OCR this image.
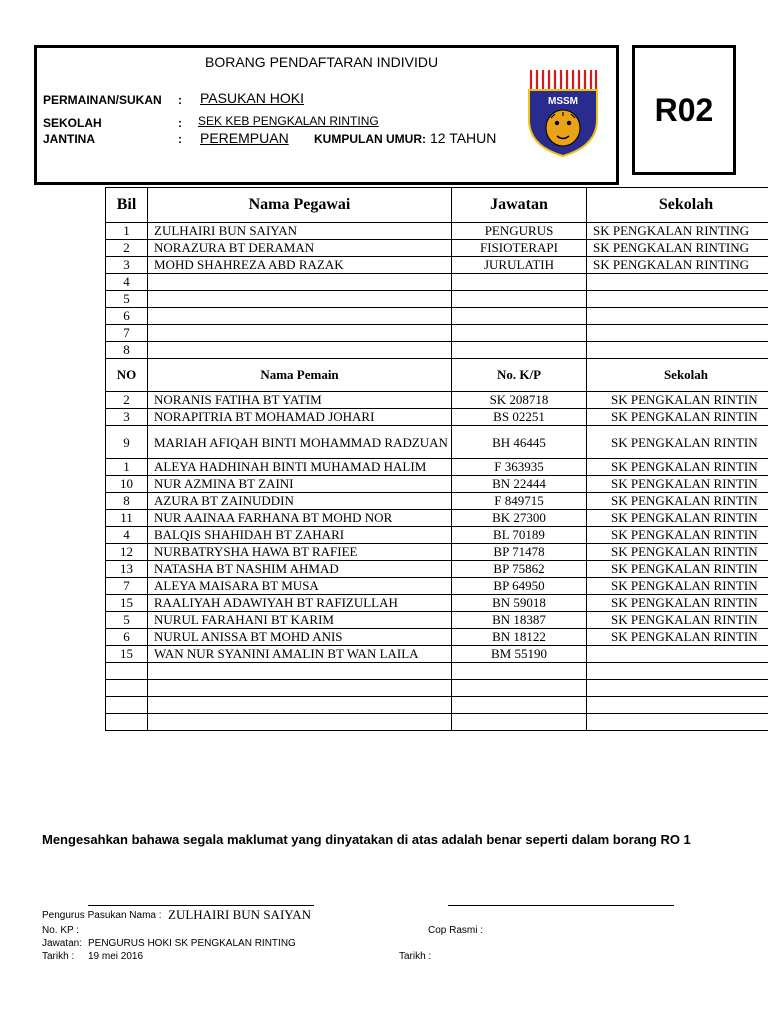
BORANG PENDAFTARAN INDIVIDU
PERMAINAN/SUKAN : PASUKAN HOKI
SEKOLAH	: SEK KEB PENGKALAN RINTING
JANTINA	: PEREMPUAN KUMPULAN UMUR: 12 TAHUN
MSSM R02
Bil	Nama Pegawai	Jawatan	Sekolah
1	ZULHAIRI BUN SAIYAN	PENGURUS	SK PENGKALAN RINTING
2	NORAZURA BT DERAMAN	FISIOTERAPI	SK PENGKALAN RINTING
3	MOHD SHAHREZA ABD RAZAK	JURULATIH	SK PENGKALAN RINTING
4			
5			
6			
7			
8			
NO	Nama Pemain	No. K/P	Sekolah
2	NORANIS FATIHA BT YATIM	SK 208718	SK PENGKALAN RINTIN
3	NORAPITRIA BT MOHAMAD JOHARI	BS 02251	SK PENGKALAN RINTIN
9	MARIAH AFIQAH BINTI MOHAMMAD RADZUAN	BH 46445	SK PENGKALAN RINTIN
1	ALEYA HADHINAH BINTI MUHAMAD HALIM	F 363935	SK PENGKALAN RINTIN
10	NUR AZMINA BT ZAINI	BN 22444	SK PENGKALAN RINTIN
8	AZURA BT ZAINUDDIN	F 849715	SK PENGKALAN RINTIN
11	NUR AAINAA FARHANA BT MOHD NOR	BK 27300	SK PENGKALAN RINTIN
4	BALQIS SHAHIDAH BT ZAHARI	BL 70189	SK PENGKALAN RINTIN
12	NURBATRYSHA HAWA BT RAFIEE	BP 71478	SK PENGKALAN RINTIN
13	NATASHA BT NASHIM AHMAD	BP 75862	SK PENGKALAN RINTIN
7	ALEYA MAISARA BT MUSA	BP 64950	SK PENGKALAN RINTIN
15	RAALIYAH ADAWIYAH BT RAFIZULLAH	BN 59018	SK PENGKALAN RINTIN
5	NURUL FARAHANI BT KARIM	BN 18387	SK PENGKALAN RINTIN
6	NURUL ANISSA BT MOHD ANIS	BN 18122	SK PENGKALAN RINTIN
15	WAN NUR SYANINI AMALIN BT WAN LAILA	BM 55190	

Mengesahkan bahawa segala maklumat yang dinyatakan di atas adalah benar seperti dalam borang RO 1
Pengurus Pasukan Nama : ZULHAIRI BUN SAIYAN
No. KP :	Cop Rasmi :
Jawatan: PENGURUS HOKI SK PENGKALAN RINTING
Tarikh : 19 mei 2016	Tarikh :
